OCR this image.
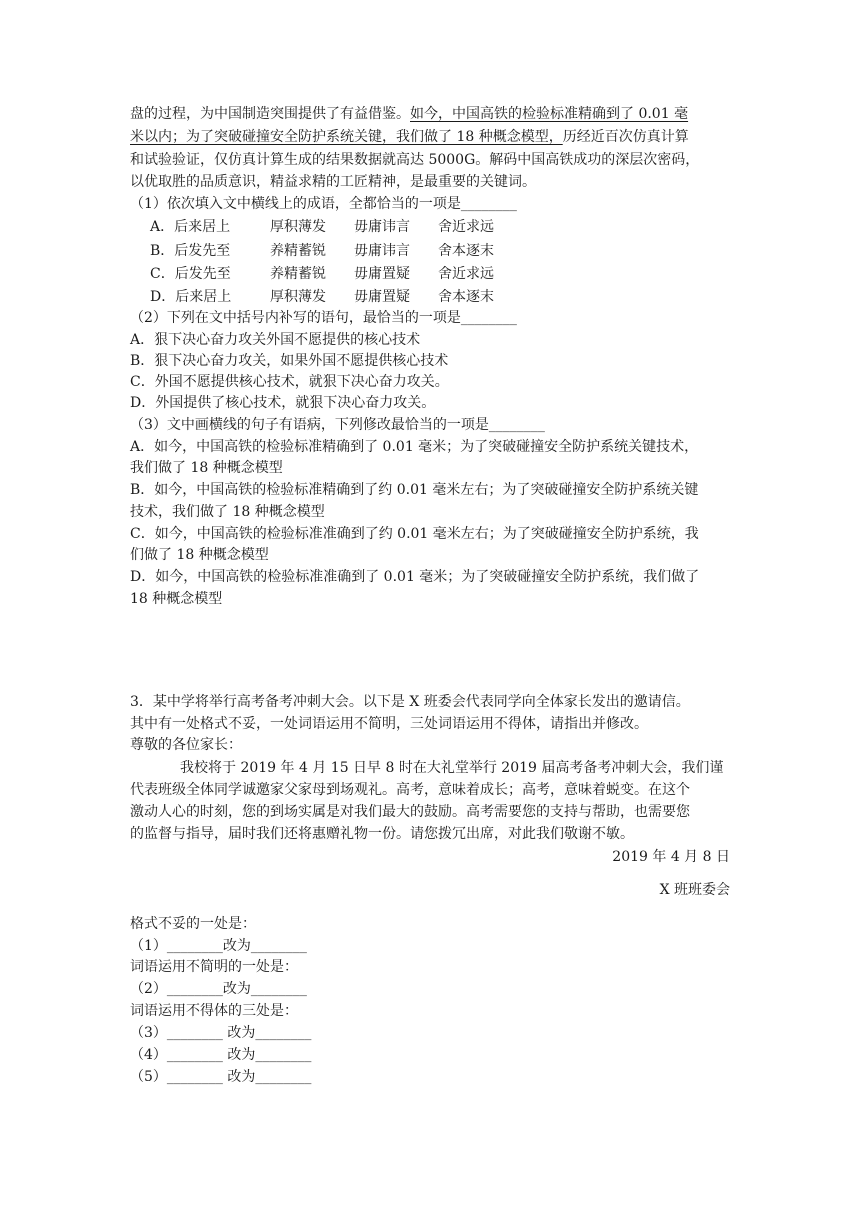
盘的过程，为中国制造突围提供了有益借鉴。如今，中国高铁的检验标准精确到了 0.01 毫
米以内；为了突破碰撞安全防护系统关键，我们做了 18 种概念模型，历经近百次仿真计算
和试验验证，仅仿真计算生成的结果数据就高达 5000G。解码中国高铁成功的深层次密码，
以优取胜的品质意识，精益求精的工匠精神，是最重要的关键词。
（1）依次填入文中横线上的成语，全都恰当的一项是________
A．后来居上	厚积薄发 毋庸讳言 舍近求远
B．后发先至	养精蓄锐 毋庸讳言 舍本逐末
C．后发先至	养精蓄锐 毋庸置疑 舍近求远
D．后来居上	厚积薄发 毋庸置疑 舍本逐末
（2）下列在文中括号内补写的语句，最恰当的一项是________
A．狠下决心奋力攻关外国不愿提供的核心技术
B．狠下决心奋力攻关，如果外国不愿提供核心技术
C．外国不愿提供核心技术，就狠下决心奋力攻关。
D．外国提供了核心技术，就狠下决心奋力攻关。
（3）文中画横线的句子有语病，下列修改最恰当的一项是________
A．如今，中国高铁的检验标准精确到了 0.01 毫米；为了突破碰撞安全防护系统关键技术，
我们做了 18 种概念模型
B．如今，中国高铁的检验标准精确到了约 0.01 毫米左右；为了突破碰撞安全防护系统关键
技术，我们做了 18 种概念模型
C．如今，中国高铁的检验标准准确到了约 0.01 毫米左右；为了突破碰撞安全防护系统，我
们做了 18 种概念模型
D．如今，中国高铁的检验标准准确到了 0.01 毫米；为了突破碰撞安全防护系统，我们做了
18 种概念模型
3．某中学将举行高考备考冲刺大会。以下是 X 班委会代表同学向全体家长发出的邀请信。
其中有一处格式不妥，一处词语运用不简明，三处词语运用不得体，请指出并修改。
尊敬的各位家长：
我校将于 2019 年 4 月 15 日早 8 时在大礼堂举行 2019 届高考备考冲刺大会，我们谨
代表班级全体同学诚邀家父家母到场观礼。高考，意味着成长；高考，意味着蜕变。在这个
激动人心的时刻，您的到场实属是对我们最大的鼓励。高考需要您的支持与帮助，也需要您
的监督与指导，届时我们还将惠赠礼物一份。请您拨冗出席，对此我们敬谢不敏。
2019 年 4 月 8 日
X 班班委会
格式不妥的一处是：
（1）________改为________
词语运用不简明的一处是：
（2）________改为________
词语运用不得体的三处是：
（3）________ 改为________
（4）________ 改为________
（5）________ 改为________
